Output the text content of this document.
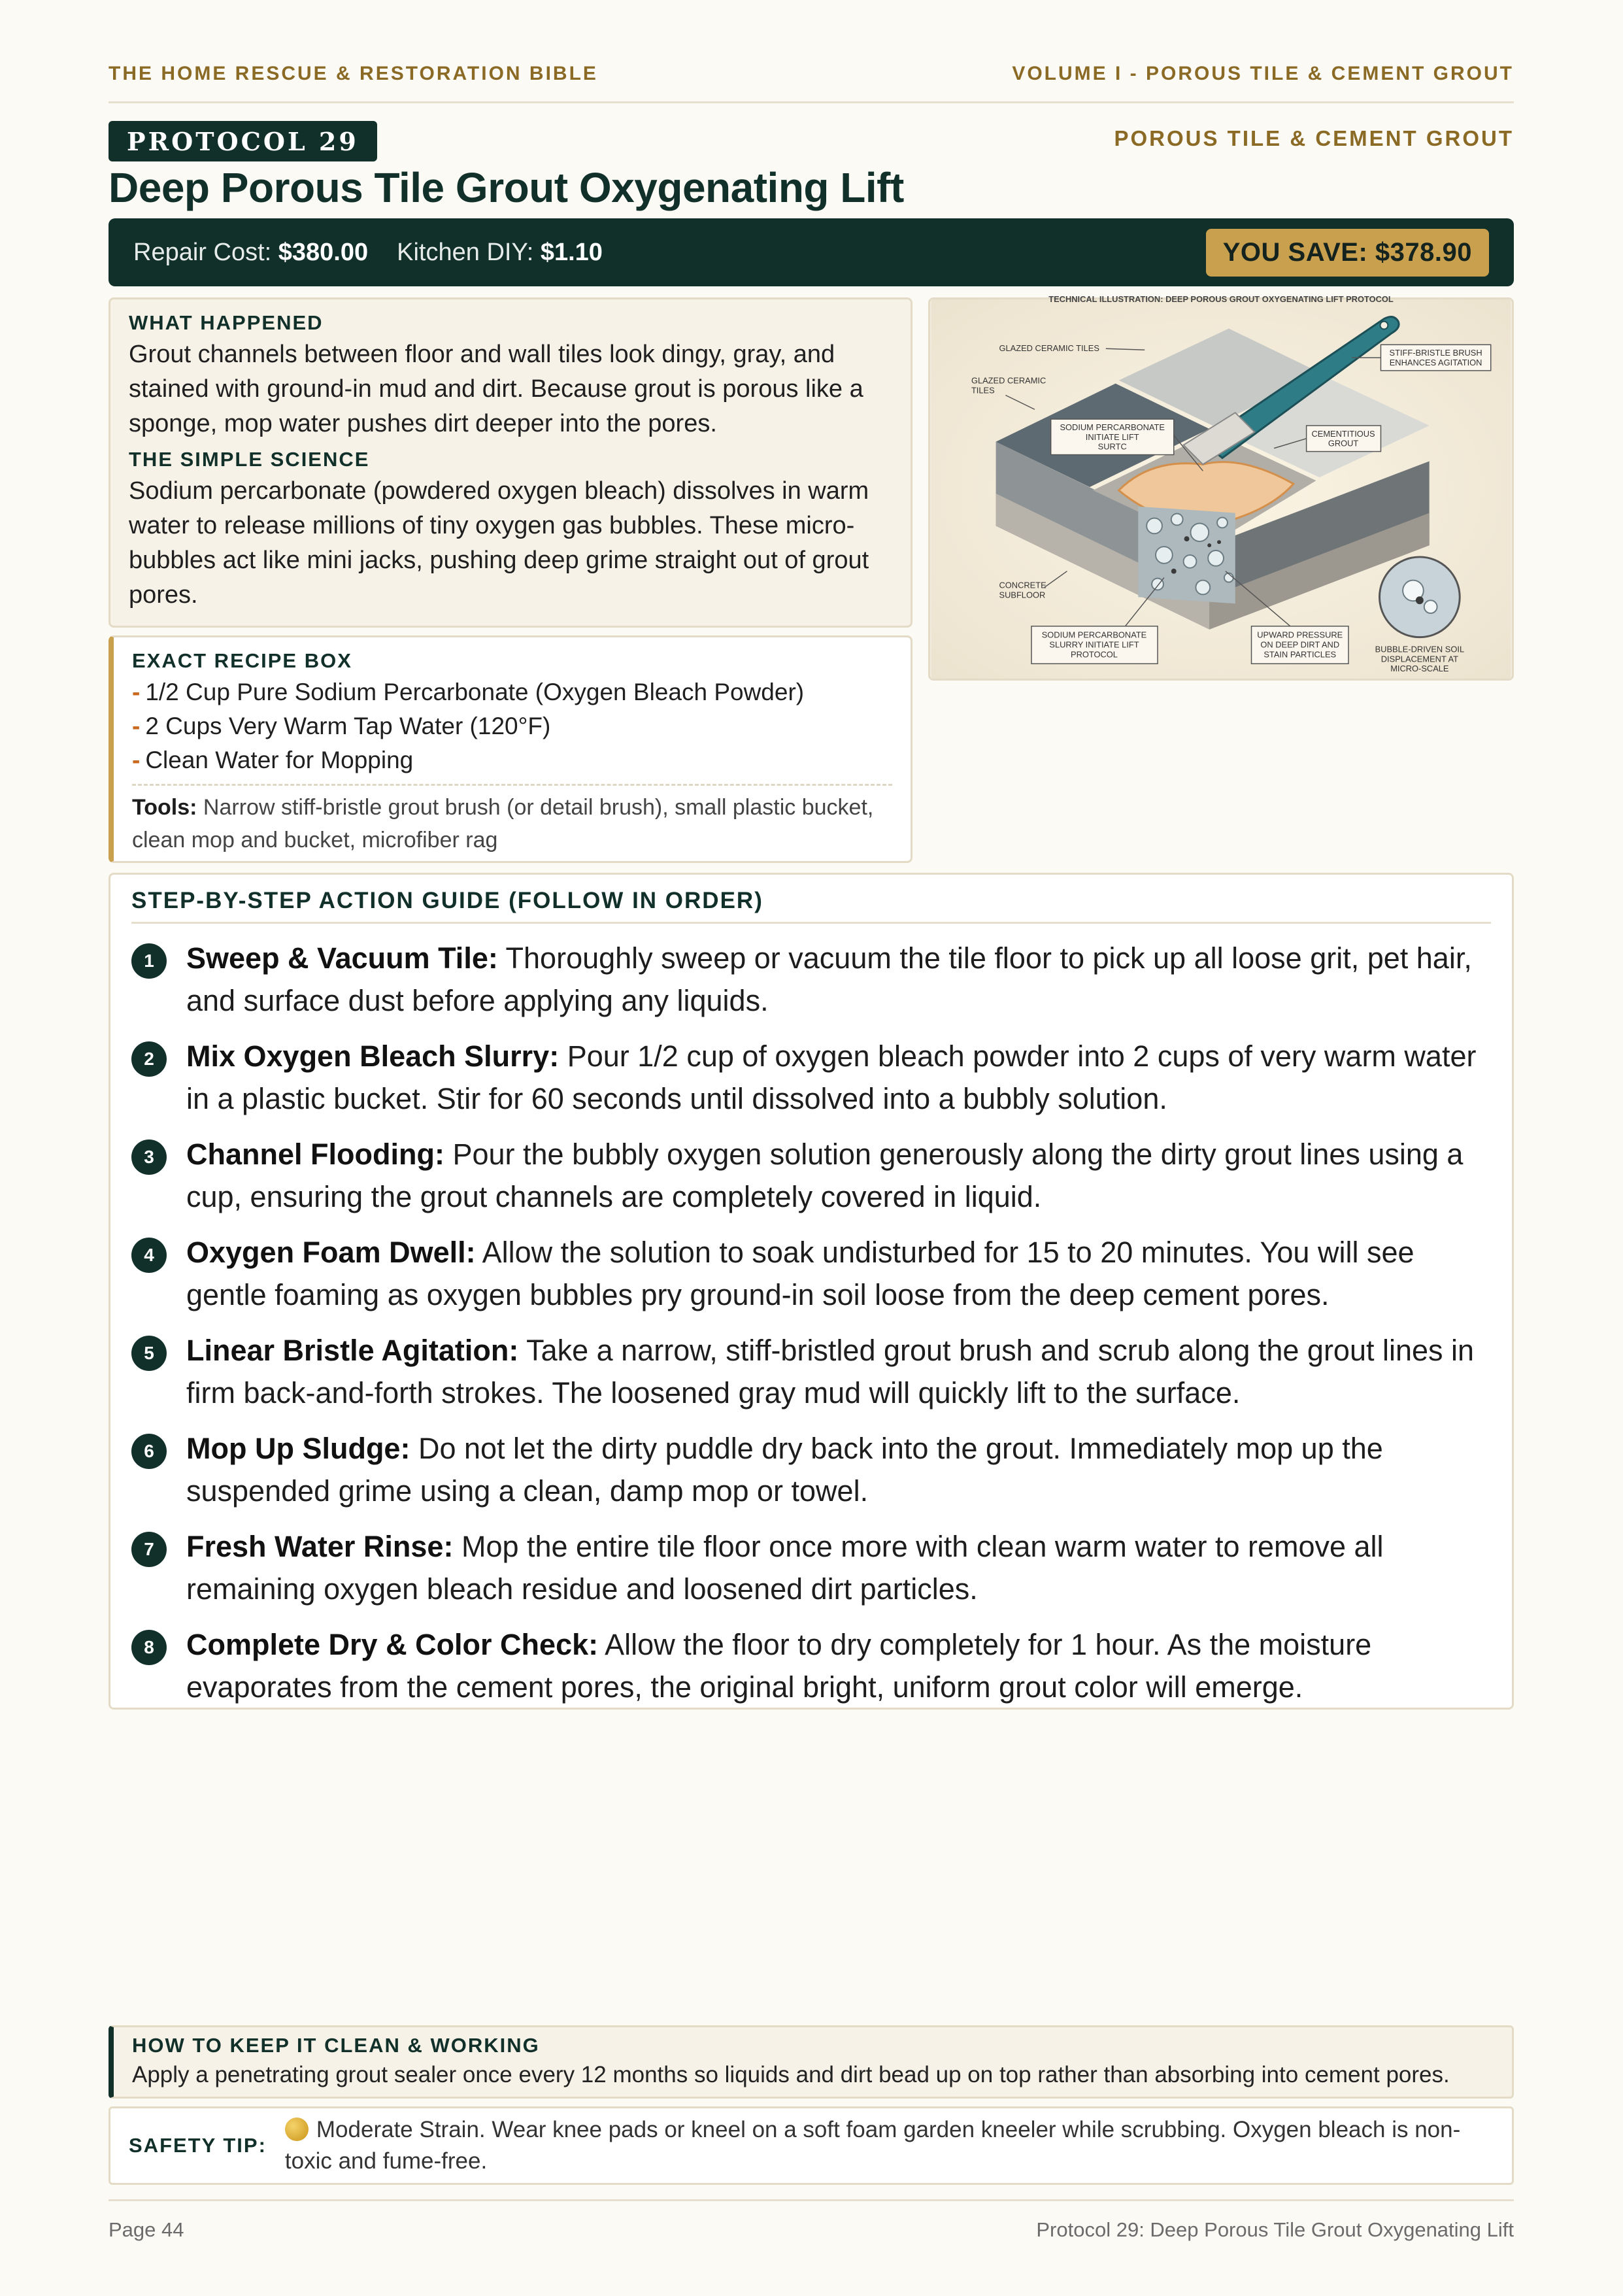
THE HOME RESCUE & RESTORATION BIBLE	VOLUME I - POROUS TILE & CEMENT GROUT
PROTOCOL 29	POROUS TILE & CEMENT GROUT
Deep Porous Tile Grout Oxygenating Lift
Repair Cost: $380.00 Kitchen DIY: $1.10	YOU SAVE: $378.90
WHAT HAPPENED

Grout channels between floor and wall tiles look dingy, gray, and stained with ground-in mud and dirt. Because grout is porous like a sponge, mop water pushes dirt deeper into the pores.

THE SIMPLE SCIENCE

Sodium percarbonate (powdered oxygen bleach) dissolves in warm water to release millions of tiny oxygen gas bubbles. These micro-bubbles act like mini jacks, pushing deep grime straight out of grout pores.

TECHNICAL ILLUSTRATION: DEEP POROUS GROUT OXYGENATING LIFT PROTOCOL
GLAZED CERAMIC TILES
GLAZED CERAMIC
TILES
SODIUM PERCARBONATE
INITIATE LIFT
SURTC
STIFF-BRISTLE BRUSH
ENHANCES AGITATION
CEMENTITIOUS
GROUT
CONCRETE
SUBFLOOR
SODIUM PERCARBONATE
SLURRY INITIATE LIFT
PROTOCOL
UPWARD PRESSURE
ON DEEP DIRT AND
STAIN PARTICLES
BUBBLE-DRIVEN SOIL
DISPLACEMENT AT
MICRO-SCALE
EXACT RECIPE BOX
- 1/2 Cup Pure Sodium Percarbonate (Oxygen Bleach Powder)
- 2 Cups Very Warm Tap Water (120°F)
- Clean Water for Mopping
Tools: Narrow stiff-bristle grout brush (or detail brush), small plastic bucket, clean mop and bucket, microfiber rag
STEP-BY-STEP ACTION GUIDE (FOLLOW IN ORDER)
1	Sweep & Vacuum Tile: Thoroughly sweep or vacuum the tile floor to pick up all loose grit, pet hair, and surface dust before applying any liquids.
2	Mix Oxygen Bleach Slurry: Pour 1/2 cup of oxygen bleach powder into 2 cups of very warm water in a plastic bucket. Stir for 60 seconds until dissolved into a bubbly solution.
3	Channel Flooding: Pour the bubbly oxygen solution generously along the dirty grout lines using a cup, ensuring the grout channels are completely covered in liquid.
4	Oxygen Foam Dwell: Allow the solution to soak undisturbed for 15 to 20 minutes. You will see gentle foaming as oxygen bubbles pry ground-in soil loose from the deep cement pores.
5	Linear Bristle Agitation: Take a narrow, stiff-bristled grout brush and scrub along the grout lines in firm back-and-forth strokes. The loosened gray mud will quickly lift to the surface.
6	Mop Up Sludge: Do not let the dirty puddle dry back into the grout. Immediately mop up the suspended grime using a clean, damp mop or towel.
7	Fresh Water Rinse: Mop the entire tile floor once more with clean warm water to remove all remaining oxygen bleach residue and loosened dirt particles.
8	Complete Dry & Color Check: Allow the floor to dry completely for 1 hour. As the moisture evaporates from the cement pores, the original bright, uniform grout color will emerge.
HOW TO KEEP IT CLEAN & WORKING

Apply a penetrating grout sealer once every 12 months so liquids and dirt bead up on top rather than absorbing into cement pores.

SAFETY TIP:

Moderate Strain. Wear knee pads or kneel on a soft foam garden kneeler while scrubbing. Oxygen bleach is non-toxic and fume-free.

Page 44	Protocol 29: Deep Porous Tile Grout Oxygenating Lift
